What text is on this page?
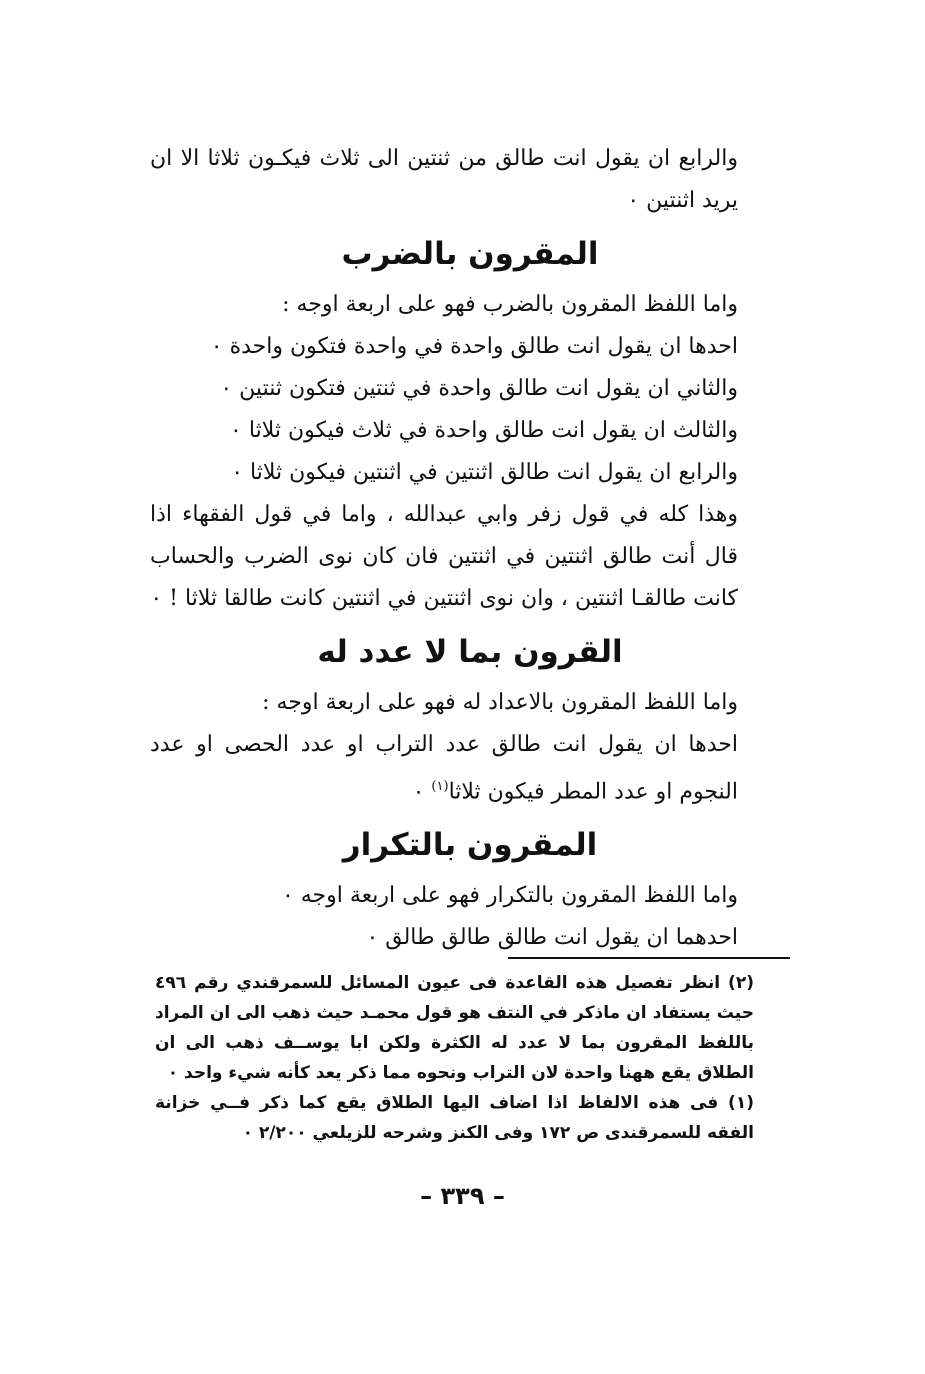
والرابع ان يقول انت طالق من ثنتين الى ثلاث فيكـون ثلاثا الا ان يريد اثنتين ٠

المقرون بالضرب

واما اللفظ المقرون بالضرب فهو على اربعة اوجه :

احدها ان يقول انت طالق واحدة في واحدة فتكون واحدة ٠

والثاني ان يقول انت طالق واحدة في ثنتين فتكون ثنتين ٠

والثالث ان يقول انت طالق واحدة في ثلاث فيكون ثلاثا ٠

والرابع ان يقول انت طالق اثنتين في اثنتين فيكون ثلاثا ٠

وهذا كله في قول زفر وابي عبدالله ، واما في قول الفقهاء اذا قال أنت طالق اثنتين في اثنتين فان كان نوى الضرب والحساب كانت طالقـا اثنتين ، وان نوى اثنتين في اثنتين كانت طالقا ثلاثا ! ٠

القرون بما لا عدد له

واما اللفظ المقرون بالاعداد له فهو على اربعة اوجه :

احدها ان يقول انت طالق عدد التراب او عدد الحصى او عدد النجوم او عدد المطر فيكون ثلاثا$^{(١)}$ ٠

المقرون بالتكرار

واما اللفظ المقرون بالتكرار فهو على اربعة اوجه ٠

احدهما ان يقول انت طالق طالق طالق ٠

(٢) انظر تفصيل هذه القاعدة فى عيون المسائل للسمرقندي رقم ٤٩٦ حيث يستفاد ان ماذكر في النتف هو قول محمـد حيث ذهب الى ان المراد باللفظ المقرون بما لا عدد له الكثرة ولكن ابا يوســف ذهب الى ان الطلاق يقع ههنا واحدة لان التراب ونحوه مما ذكر يعد كأنه شيء واحد ٠

(١) فى هذه الالفاظ اذا اضاف اليها الطلاق يقع كما ذكر فــي خزانة الفقه للسمرقندى ص ١٧٢ وفى الكنز وشرحه للزيلعي ٢/٢٠٠ ٠

– ٣٣٩ –
